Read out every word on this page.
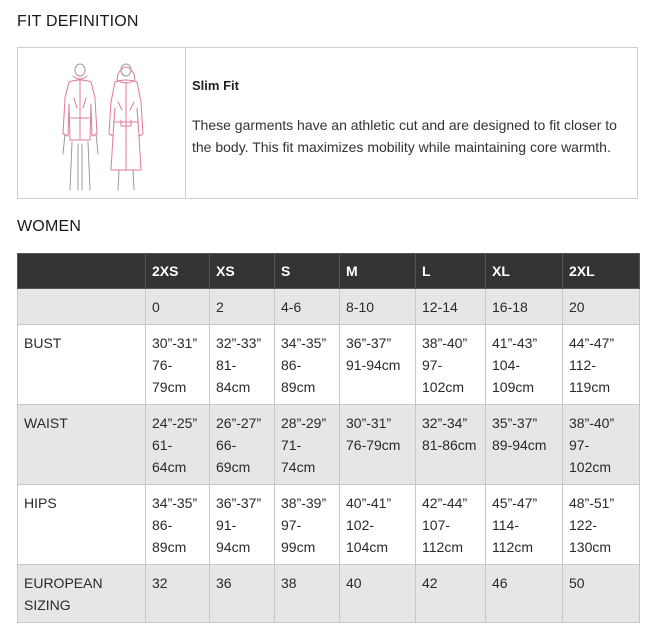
FIT DEFINITION

Slim Fit

These garments have an athletic cut and are designed to fit closer to the body. This fit maximizes mobility while maintaining core warmth.

WOMEN
	2XS	XS	S	M	L	XL	2XL
	0	2	4-6	8-10	12-14	16-18	20
BUST	30”-31”
76-
79cm	32”-33”
81-
84cm	34”-35”
86-
89cm	36”-37”
91-94cm	38”-40”
97-
102cm	41”-43”
104-
109cm	44”-47”
112-
119cm

WAIST	24”-25”
61-
64cm	26”-27”
66-
69cm	28”-29”
71-
74cm	30”-31”
76-79cm	32”-34”
81-86cm	35”-37”
89-94cm	38”-40”
97-
102cm

HIPS	34”-35”
86-
89cm	36”-37”
91-
94cm	38”-39”
97-
99cm	40”-41”
102-
104cm	42”-44”
107-
112cm	45”-47”
114-
112cm	48”-51”
122-
130cm

EUROPEAN
SIZING	32	36	38	40	42	46	50
